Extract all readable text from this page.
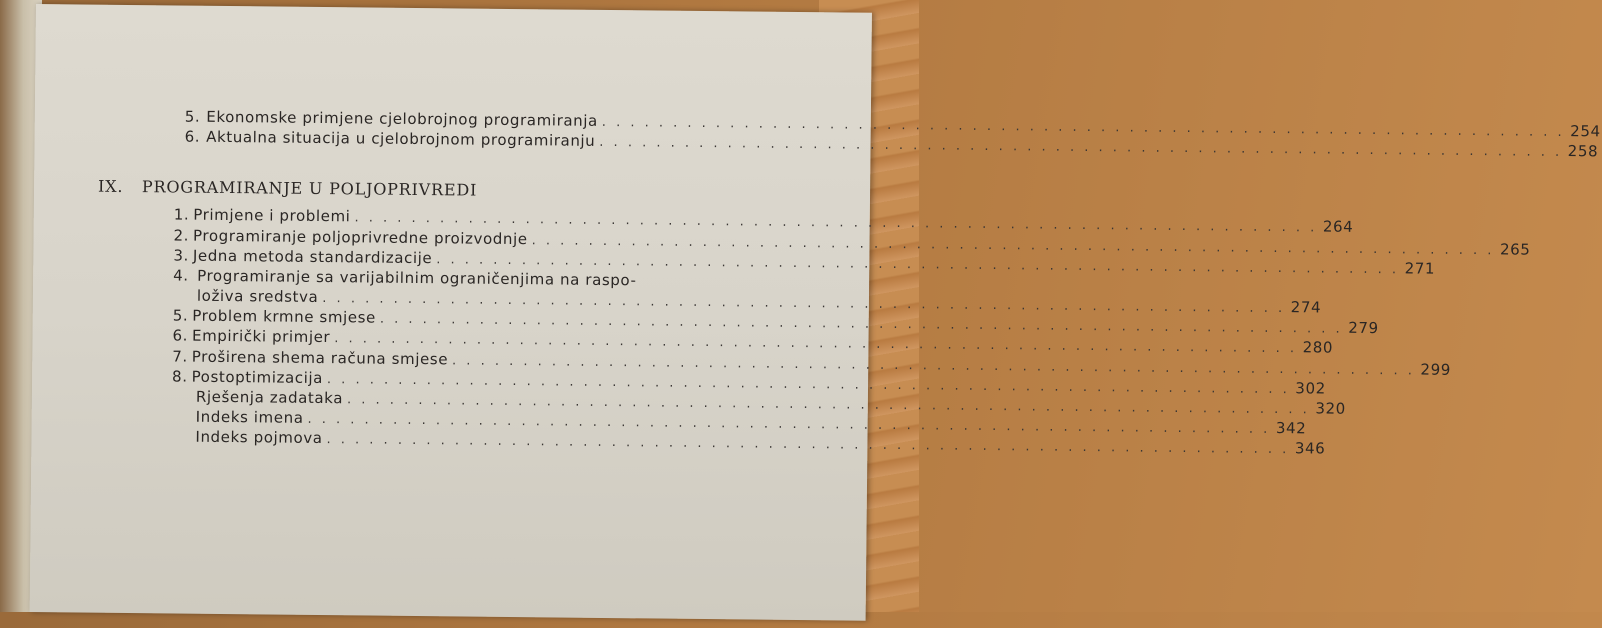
5. Ekonomske primjene cjelobrojnog programiranja . . . . . . . . . . . . . . . . . . . . . . . . . . . . . . . . . . . . . . . . . . . . . . . . . . . . . . . . . . . . . . . . . . . . 254
6. Aktualna situacija u cjelobrojnom programiranju . . . . . . . . . . . . . . . . . . . . . . . . . . . . . . . . . . . . . . . . . . . . . . . . . . . . . . . . . . . . . . . . . . . . 258
IX. PROGRAMIRANJE U POLJOPRIVREDI
1. Primjene i problemi . . . . . . . . . . . . . . . . . . . . . . . . . . . . . . . . . . . . . . . . . . . . . . . . . . . . . . . . . . . . . . . . . . . . 264
2. Programiranje poljoprivredne proizvodnje . . . . . . . . . . . . . . . . . . . . . . . . . . . . . . . . . . . . . . . . . . . . . . . . . . . . . . . . . . . . . . . . . . . . 265
3. Jedna metoda standardizacije . . . . . . . . . . . . . . . . . . . . . . . . . . . . . . . . . . . . . . . . . . . . . . . . . . . . . . . . . . . . . . . . . . . . 271
4. Programiranje sa varijabilnim ograničenjima na raspo-
loživa sredstva . . . . . . . . . . . . . . . . . . . . . . . . . . . . . . . . . . . . . . . . . . . . . . . . . . . . . . . . . . . . . . . . . . . . 274
5. Problem krmne smjese . . . . . . . . . . . . . . . . . . . . . . . . . . . . . . . . . . . . . . . . . . . . . . . . . . . . . . . . . . . . . . . . . . . . 279
6. Empirički primjer . . . . . . . . . . . . . . . . . . . . . . . . . . . . . . . . . . . . . . . . . . . . . . . . . . . . . . . . . . . . . . . . . . . . 280
7. Proširena shema računa smjese . . . . . . . . . . . . . . . . . . . . . . . . . . . . . . . . . . . . . . . . . . . . . . . . . . . . . . . . . . . . . . . . . . . . 299
8. Postoptimizacija . . . . . . . . . . . . . . . . . . . . . . . . . . . . . . . . . . . . . . . . . . . . . . . . . . . . . . . . . . . . . . . . . . . . 302
Rješenja zadataka . . . . . . . . . . . . . . . . . . . . . . . . . . . . . . . . . . . . . . . . . . . . . . . . . . . . . . . . . . . . . . . . . . . . 320
Indeks imena . . . . . . . . . . . . . . . . . . . . . . . . . . . . . . . . . . . . . . . . . . . . . . . . . . . . . . . . . . . . . . . . . . . . 342
Indeks pojmova . . . . . . . . . . . . . . . . . . . . . . . . . . . . . . . . . . . . . . . . . . . . . . . . . . . . . . . . . . . . . . . . . . . . 346
